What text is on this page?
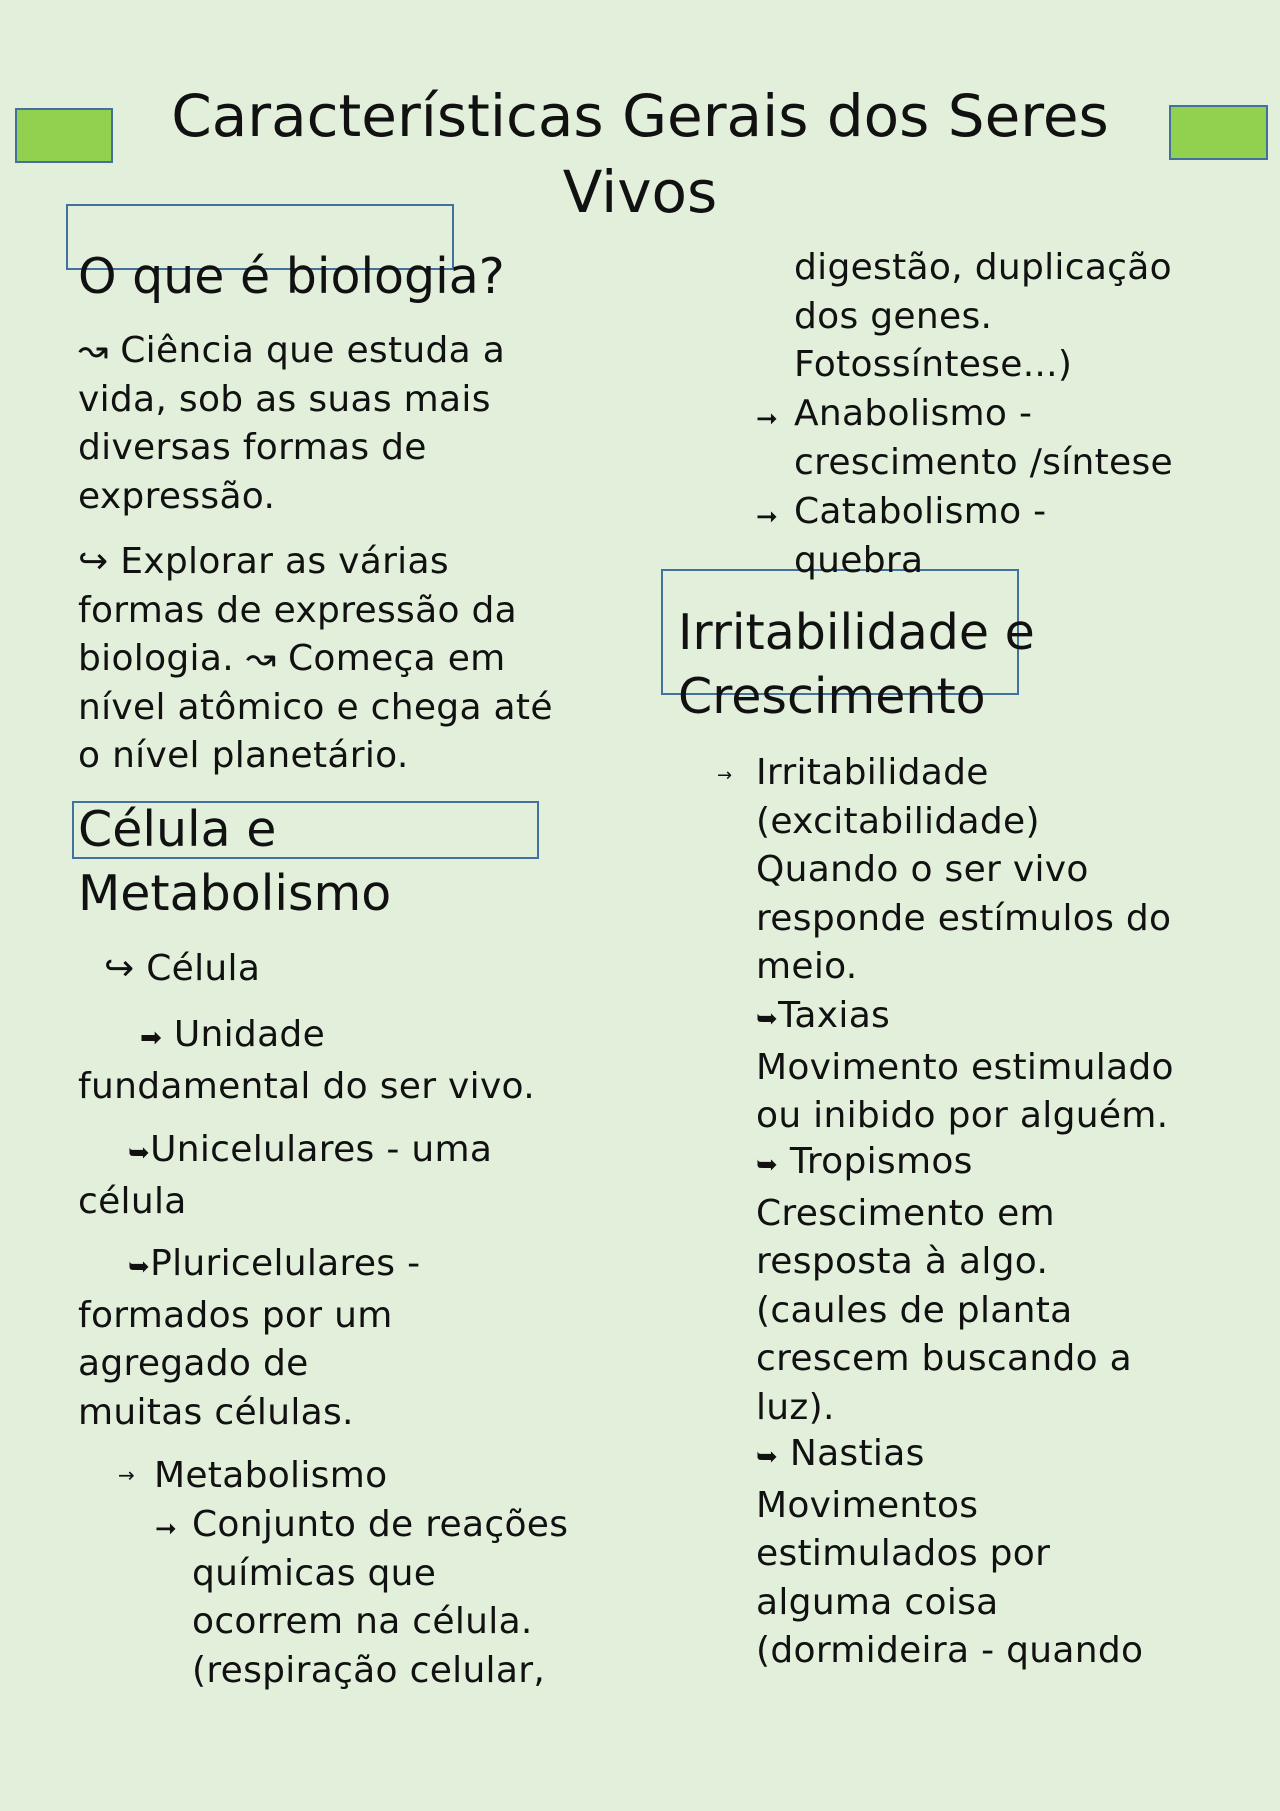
Características Gerais dos Seres
Vivos
O que é biologia?
↝ Ciência que estuda a
vida, sob as suas mais
diversas formas de
expressão.
↪ Explorar as várias
formas de expressão da
biologia. ↝ Começa em
nível atômico e chega até
o nível planetário.
Célula e
Metabolismo
↪ Célula
➡ Unidade
fundamental do ser vivo.
➥Unicelulares - uma
célula
➥Pluricelulares -
formados por um
agregado de
muitas células.
→ Metabolismo
➞ Conjunto de reações
químicas que
ocorrem na célula.
(respiração celular,
digestão, duplicação
dos genes.
Fotossíntese...)
➞ Anabolismo -
crescimento /síntese
➞ Catabolismo -
quebra
Irritabilidade e
Crescimento
→ Irritabilidade
(excitabilidade)
Quando o ser vivo
responde estímulos do
meio.
➥Taxias
Movimento estimulado
ou inibido por alguém.
➥ Tropismos
Crescimento em
resposta à algo.
(caules de planta
crescem buscando a
luz).
➥ Nastias
Movimentos
estimulados por
alguma coisa
(dormideira - quando
